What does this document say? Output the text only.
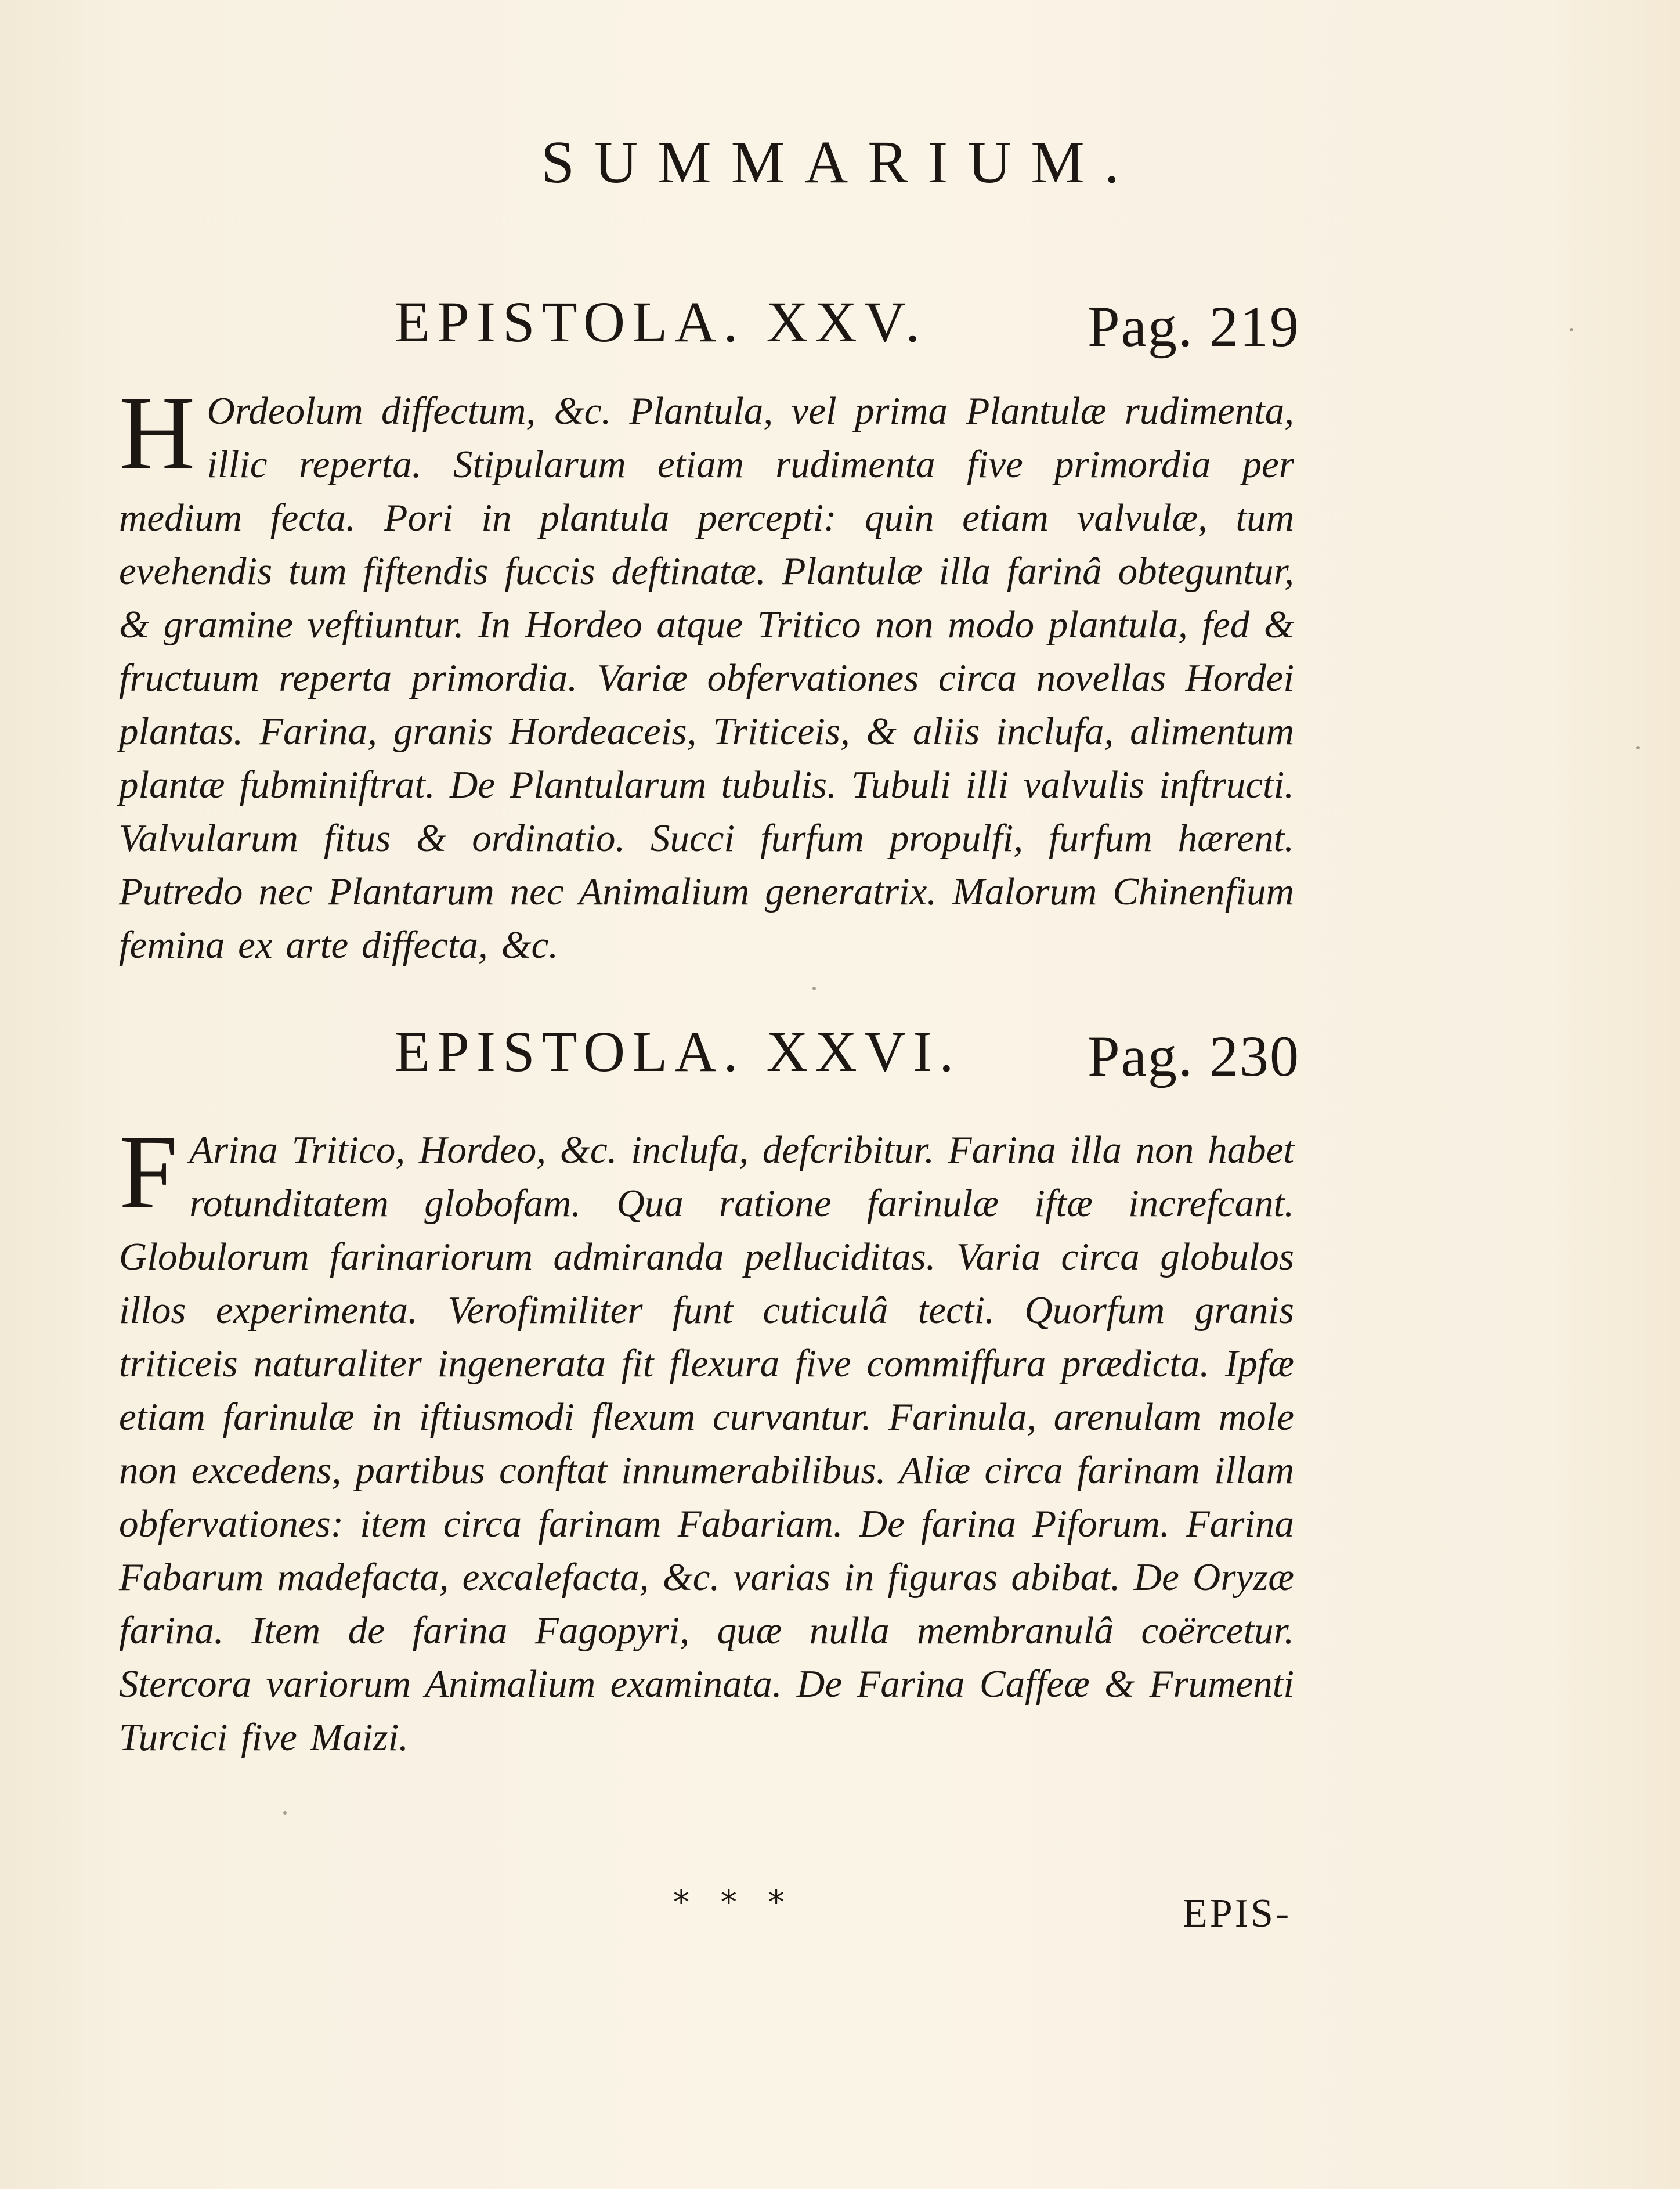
SUMMARIUM.
EPISTOLA. XXV.	Pag. 219

H Ordeolum diffectum, &c. Plantula, vel prima Plantulæ rudimenta, illic reperta. Stipularum etiam rudimenta five primordia per medium fecta. Pori in plantula percepti: quin etiam valvulæ, tum evehendis tum fiftendis fuccis deftinatæ. Plantulæ illa farinâ obteguntur, & gramine veftiuntur. In Hordeo atque Tritico non modo plantula, fed & fructuum reperta primordia. Variæ obfervationes circa novellas Hordei plantas. Farina, granis Hordeaceis, Triticeis, & aliis inclufa, alimentum plantæ fubminiftrat. De Plantularum tubulis. Tubuli illi valvulis inftructi. Valvularum fitus & ordinatio. Succi furfum propulfi, furfum hærent. Putredo nec Plantarum nec Animalium generatrix. Malorum Chinenfium femina ex arte diffecta, &c.

EPISTOLA. XXVI. Pag. 230

F Arina Tritico, Hordeo, &c. inclufa, defcribitur. Farina illa non habet rotunditatem globofam. Qua ratione farinulæ iftæ increfcant. Globulorum farinariorum admiranda pelluciditas. Varia circa globulos illos experimenta. Verofimiliter funt cuticulâ tecti. Quorfum granis triticeis naturaliter ingenerata fit flexura five commiffura prædicta. Ipfæ etiam farinulæ in iftiusmodi flexum curvantur. Farinula, arenulam mole non excedens, partibus conftat innumerabilibus. Aliæ circa farinam illam obfervationes: item circa farinam Fabariam. De farina Piforum. Farina Fabarum madefacta, excalefacta, &c. varias in figuras abibat. De Oryzæ farina. Item de farina Fagopyri, quæ nulla membranulâ coërcetur. Stercora variorum Animalium examinata. De Farina Caffeæ & Frumenti Turcici five Maizi.

* * *	EPIS-
